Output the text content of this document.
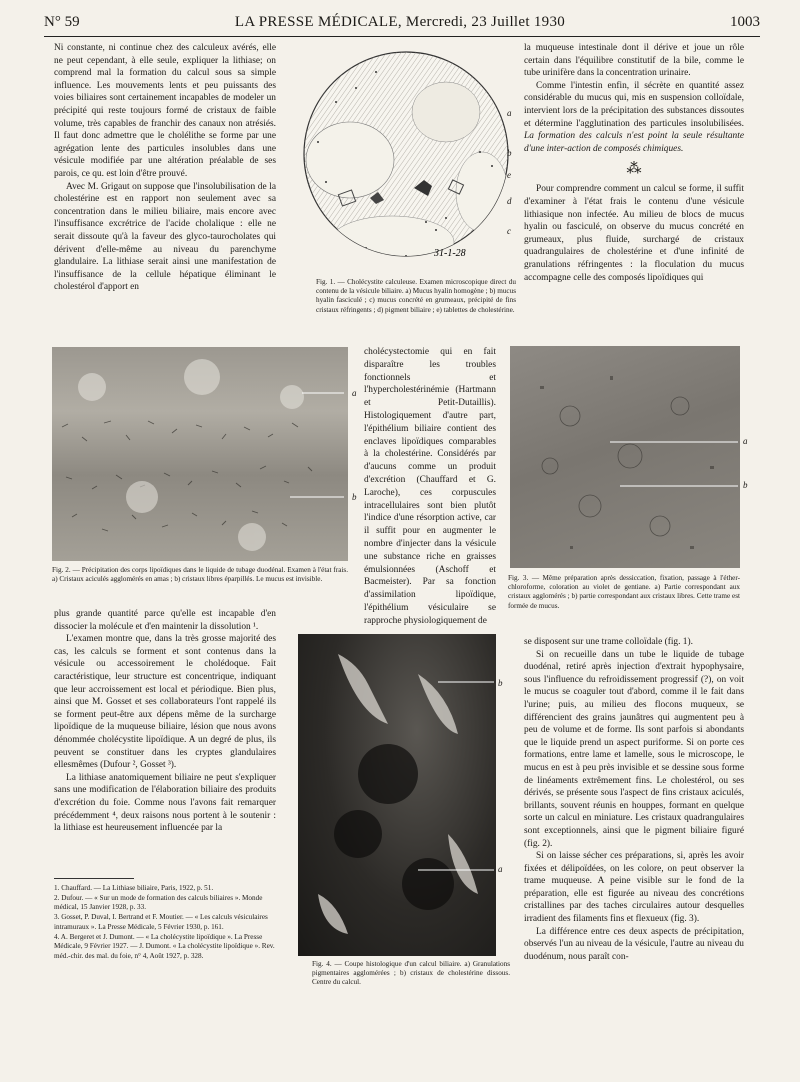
N° 59	LA PRESSE MÉDICALE, Mercredi, 23 Juillet 1930	1003

Ni constante, ni continue chez des calculeux avérés, elle ne peut cependant, à elle seule, expliquer la lithiase; on comprend mal la formation du calcul sous sa simple influence. Les mouvements lents et peu puissants des voies biliaires sont certainement incapables de modeler un précipité qui reste toujours formé de cristaux de faible volume, très capables de franchir des canaux non atrésiés. Il faut donc admettre que le cholélithe se forme par une agrégation lente des particules insolubles dans une vésicule modifiée par une altération préalable de ses parois, ce qu. est loin d'être prouvé.

Avec M. Grigaut on suppose que l'insolubilisation de la cholestérine est en rapport non seulement avec sa concentration dans le milieu biliaire, mais encore avec l'insuffisance excrétrice de l'acide cholalique : elle ne serait dissoute qu'à la faveur des glyco-taurocholates qui dérivent d'elle-même au niveau du parenchyme glandulaire. La lithiase serait ainsi une manifestation de l'insuffisance de la cellule hépatique éliminant le cholestérol d'apport en

31-1-28
a
b
e
d
c
Fig. 1. — Cholécystite calculeuse. Examen microscopique direct du contenu de la vésicule biliaire. a) Mucus hyalin homogène ; b) mucus hyalin fasciculé ; c) mucus concrété en grumeaux, précipité de fins cristaux réfringents ; d) pigment biliaire ; e) tablettes de cholestérine.

la muqueuse intestinale dont il dérive et joue un rôle certain dans l'équilibre constitutif de la bile, comme le tube urinifère dans la concentration urinaire.

Comme l'intestin enfin, il sécrète en quantité assez considérable du mucus qui, mis en suspension colloïdale, intervient lors de la précipitation des substances dissoutes et détermine l'agglutination des particules insolubilisées. La formation des calculs n'est point la seule résultante d'une inter-action de composés chimiques.

⁂

Pour comprendre comment un calcul se forme, il suffit d'examiner à l'état frais le contenu d'une vésicule lithiasique non infectée. Au milieu de blocs de mucus hyalin ou fasciculé, on observe du mucus concrété en grumeaux, plus fluide, surchargé de cristaux quadrangulaires de cholestérine et d'une infinité de granulations réfringentes : la floculation du mucus accompagne celle des composés lipoïdiques qui

a
b
Fig. 2. — Précipitation des corps lipoïdiques dans le liquide de tubage duodénal. Examen à l'état frais. a) Cristaux aciculés agglomérés en amas ; b) cristaux libres éparpillés. Le mucus est invisible.
cholécystectomie qui en fait disparaître les troubles fonctionnels et l'hypercholestérinémie (Hartmann et Petit-Dutaillis). Histologiquement d'autre part, l'épithélium biliaire contient des enclaves lipoïdiques comparables à la cholestérine. Considérés par d'aucuns comme un produit d'excrétion (Chauffard et G. Laroche), ces corpuscules intracellulaires sont bien plutôt l'indice d'une résorption active, car il suffit pour en augmenter le nombre d'injecter dans la vésicule une substance riche en graisses émulsionnées (Aschoff et Bacmeister). Par sa fonction d'assimilation lipoïdique, l'épithélium vésiculaire se rapproche physiologiquement de
a
b
Fig. 3. — Même préparation après dessiccation, fixation, passage à l'éther-chloroforme, coloration au violet de gentiane. a) Partie correspondant aux cristaux agglomérés ; b) partie correspondant aux cristaux libres. Cette trame est formée de mucus.

plus grande quantité parce qu'elle est incapable d'en dissocier la molécule et d'en maintenir la dissolution ¹.

L'examen montre que, dans la très grosse majorité des cas, les calculs se forment et sont contenus dans la vésicule ou accessoirement le cholédoque. Fait caractéristique, leur structure est concentrique, indiquant que leur accroissement est local et périodique. Bien plus, ainsi que M. Gosset et ses collaborateurs l'ont rappelé ils se forment peut-être aux dépens même de la surcharge lipoïdique de la muqueuse biliaire, lésion que nous avons dénommée cholécystite lipoïdique. A un degré de plus, ils peuvent se constituer dans les cryptes glandulaires ellesmêmes (Dufour ², Gosset ³).

La lithiase anatomiquement biliaire ne peut s'expliquer sans une modification de l'élaboration biliaire des produits d'excrétion du foie. Comme nous l'avons fait remarquer précédemment ⁴, deux raisons nous portent à le soutenir : la lithiase est heureusement influencée par la

b
a
Fig. 4. — Coupe histologique d'un calcul biliaire. a) Granulations pigmentaires agglomérées ; b) cristaux de cholestérine dissous. Centre du calcul.

se disposent sur une trame colloïdale (fig. 1).

Si on recueille dans un tube le liquide de tubage duodénal, retiré après injection d'extrait hypophysaire, sous l'influence du refroidissement progressif (?), on voit le mucus se coaguler tout d'abord, comme il le fait dans l'urine; puis, au milieu des flocons muqueux, se différencient des grains jaunâtres qui augmentent peu à peu de volume et de forme. Ils sont parfois si abondants que le liquide prend un aspect puriforme. Si on porte ces formations, entre lame et lamelle, sous le microscope, le mucus en est à peu près invisible et se dessine sous forme de linéaments extrêmement fins. Le cholestérol, ou ses dérivés, se présente sous l'aspect de fins cristaux aciculés, brillants, souvent réunis en houppes, formant en quelque sorte un calcul en miniature. Les cristaux quadrangulaires sont exceptionnels, ainsi que le pigment biliaire figuré (fig. 2).

Si on laisse sécher ces préparations, si, après les avoir fixées et délipoïdées, on les colore, on peut observer la trame muqueuse. A peine visible sur le fond de la préparation, elle est figurée au niveau des concrétions cristallines par des taches circulaires autour desquelles irradient des filaments fins et flexueux (fig. 3).

La différence entre ces deux aspects de précipitation, observés l'un au niveau de la vésicule, l'autre au niveau du duodénum, nous paraît con-

1. Chauffard. — La Lithiase biliaire, Paris, 1922, p. 51.
2. Dufour. — « Sur un mode de formation des calculs biliaires ». Monde médical, 15 Janvier 1928, p. 33.
3. Gosset, P. Duval, I. Bertrand et F. Moutier. — « Les calculs vésiculaires intramuraux ». La Presse Médicale, 5 Février 1930, p. 161.
4. A. Bergeret et J. Dumont. — « La cholécystite lipoïdique ». La Presse Médicale, 9 Février 1927. — J. Dumont. « La cholécystite lipoïdique ». Rev. méd.-chir. des mal. du foie, n° 4, Août 1927, p. 328.
